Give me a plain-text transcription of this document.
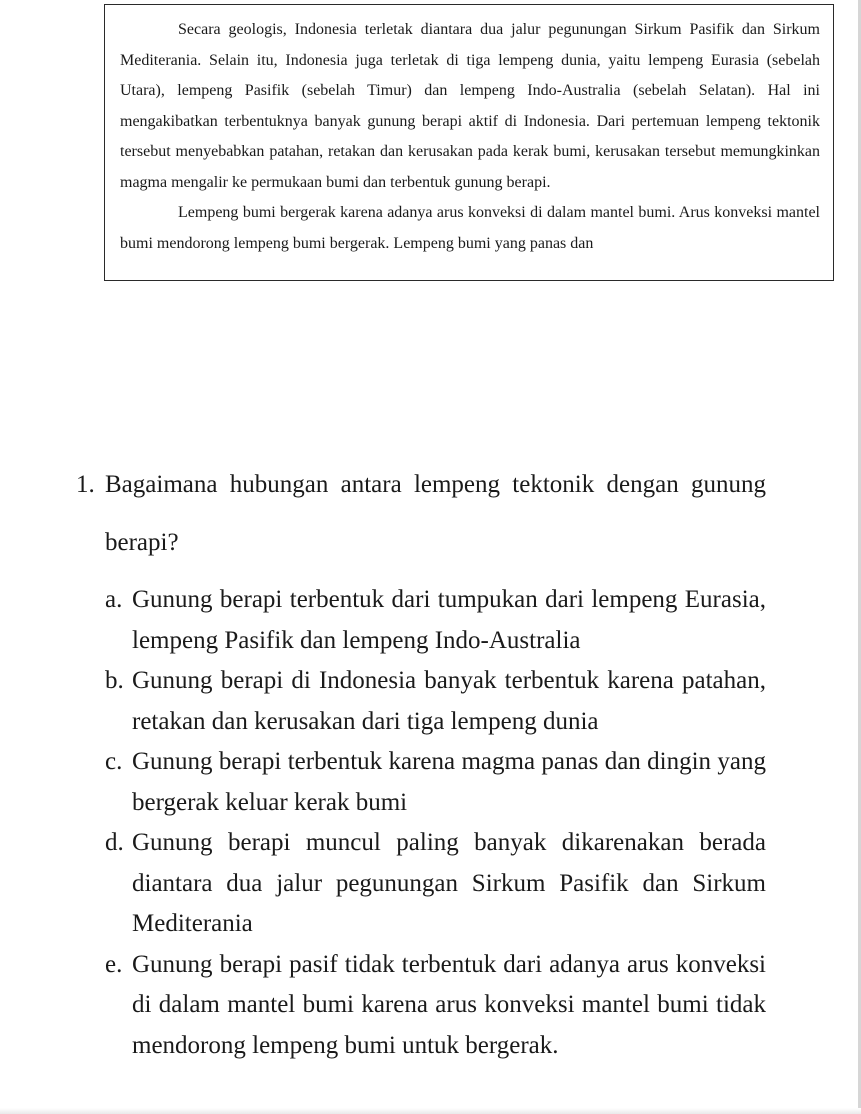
Secara geologis, Indonesia terletak diantara dua jalur pegunungan Sirkum Pasifik dan Sirkum Mediterania. Selain itu, Indonesia juga terletak di tiga lempeng dunia, yaitu lempeng Eurasia (sebelah Utara), lempeng Pasifik (sebelah Timur) dan lempeng Indo-Australia (sebelah Selatan). Hal ini mengakibatkan terbentuknya banyak gunung berapi aktif di Indonesia. Dari pertemuan lempeng tektonik tersebut menyebabkan patahan, retakan dan kerusakan pada kerak bumi, kerusakan tersebut memungkinkan magma mengalir ke permukaan bumi dan terbentuk gunung berapi.

Lempeng bumi bergerak karena adanya arus konveksi di dalam mantel bumi. Arus konveksi mantel bumi mendorong lempeng bumi bergerak. Lempeng bumi yang panas dan

1. Bagaimana hubungan antara lempeng tektonik dengan gunung berapi?
a. Gunung berapi terbentuk dari tumpukan dari lempeng Eurasia, lempeng Pasifik dan lempeng Indo-Australia
b. Gunung berapi di Indonesia banyak terbentuk karena patahan, retakan dan kerusakan dari tiga lempeng dunia
c. Gunung berapi terbentuk karena magma panas dan dingin yang bergerak keluar kerak bumi
d. Gunung berapi muncul paling banyak dikarenakan berada diantara dua jalur pegunungan Sirkum Pasifik dan Sirkum Mediterania
e. Gunung berapi pasif tidak terbentuk dari adanya arus konveksi di dalam mantel bumi karena arus konveksi mantel bumi tidak mendorong lempeng bumi untuk bergerak.
